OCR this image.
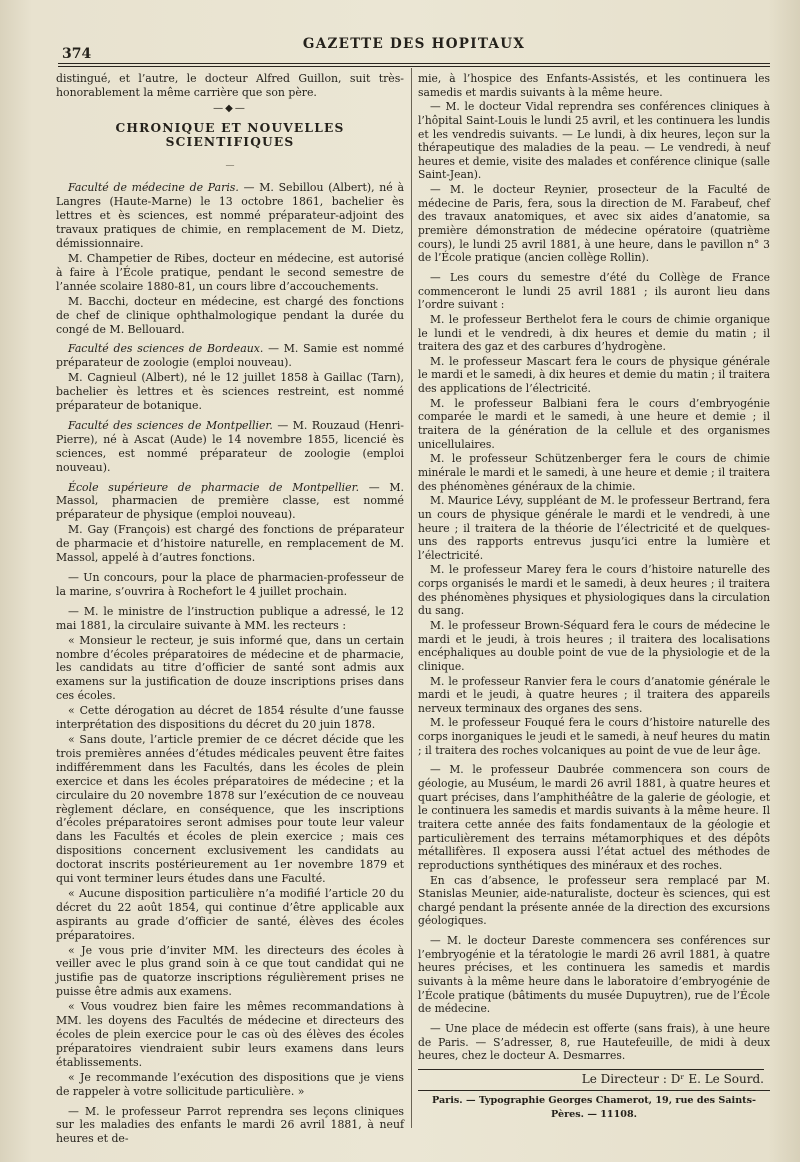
374
GAZETTE DES HOPITAUX

distingué, et l’autre, le docteur Alfred Guillon, suit très-honorablement la même carrière que son père.

—◆—
CHRONIQUE ET NOUVELLES SCIENTIFIQUES
—

Faculté de médecine de Paris. — M. Sebillou (Albert), né à Langres (Haute-Marne) le 13 octobre 1861, bachelier ès lettres et ès sciences, est nommé préparateur-adjoint des travaux pratiques de chimie, en remplacement de M. Dietz, démissionnaire.

M. Champetier de Ribes, docteur en médecine, est autorisé à faire à l’École pratique, pendant le second semestre de l’année scolaire 1880-81, un cours libre d’accouchements.

M. Bacchi, docteur en médecine, est chargé des fonctions de chef de clinique ophthalmologique pendant la durée du congé de M. Bellouard.

Faculté des sciences de Bordeaux. — M. Samie est nommé préparateur de zoologie (emploi nouveau).

M. Cagnieul (Albert), né le 12 juillet 1858 à Gaillac (Tarn), bachelier ès lettres et ès sciences restreint, est nommé préparateur de botanique.

Faculté des sciences de Montpellier. — M. Rouzaud (Henri-Pierre), né à Ascat (Aude) le 14 novembre 1855, licencié ès sciences, est nommé préparateur de zoologie (emploi nouveau).

École supérieure de pharmacie de Montpellier. — M. Massol, pharmacien de première classe, est nommé préparateur de physique (emploi nouveau).

M. Gay (François) est chargé des fonctions de préparateur de pharmacie et d’histoire naturelle, en remplacement de M. Massol, appelé à d’autres fonctions.

— Un concours, pour la place de pharmacien-professeur de la marine, s’ouvrira à Rochefort le 4 juillet prochain.

— M. le ministre de l’instruction publique a adressé, le 12 mai 1881, la circulaire suivante à MM. les recteurs :

« Monsieur le recteur, je suis informé que, dans un certain nombre d’écoles préparatoires de médecine et de pharmacie, les candidats au titre d’officier de santé sont admis aux examens sur la justification de douze inscriptions prises dans ces écoles.

« Cette dérogation au décret de 1854 résulte d’une fausse interprétation des dispositions du décret du 20 juin 1878.

« Sans doute, l’article premier de ce décret décide que les trois premières années d’études médicales peuvent être faites indifféremment dans les Facultés, dans les écoles de plein exercice et dans les écoles préparatoires de médecine ; et la circulaire du 20 novembre 1878 sur l’exécution de ce nouveau règlement déclare, en conséquence, que les inscriptions d’écoles préparatoires seront admises pour toute leur valeur dans les Facultés et écoles de plein exercice ; mais ces dispositions concernent exclusivement les candidats au doctorat inscrits postérieurement au 1er novembre 1879 et qui vont terminer leurs études dans une Faculté.

« Aucune disposition particulière n’a modifié l’article 20 du décret du 22 août 1854, qui continue d’être applicable aux aspirants au grade d’officier de santé, élèves des écoles préparatoires.

« Je vous prie d’inviter MM. les directeurs des écoles à veiller avec le plus grand soin à ce que tout candidat qui ne justifie pas de quatorze inscriptions régulièrement prises ne puisse être admis aux examens.

« Vous voudrez bien faire les mêmes recommandations à MM. les doyens des Facultés de médecine et directeurs des écoles de plein exercice pour le cas où des élèves des écoles préparatoires viendraient subir leurs examens dans leurs établissements.

« Je recommande l’exécution des dispositions que je viens de rappeler à votre sollicitude particulière. »

— M. le professeur Parrot reprendra ses leçons cliniques sur les maladies des enfants le mardi 26 avril 1881, à neuf heures et de-

mie, à l’hospice des Enfants-Assistés, et les continuera les samedis et mardis suivants à la même heure.

— M. le docteur Vidal reprendra ses conférences cliniques à l’hôpital Saint-Louis le lundi 25 avril, et les continuera les lundis et les vendredis suivants. — Le lundi, à dix heures, leçon sur la thérapeutique des maladies de la peau. — Le vendredi, à neuf heures et demie, visite des malades et conférence clinique (salle Saint-Jean).

— M. le docteur Reynier, prosecteur de la Faculté de médecine de Paris, fera, sous la direction de M. Farabeuf, chef des travaux anatomiques, et avec six aides d’anatomie, sa première démonstration de médecine opératoire (quatrième cours), le lundi 25 avril 1881, à une heure, dans le pavillon n° 3 de l’École pratique (ancien collège Rollin).

— Les cours du semestre d’été du Collège de France commenceront le lundi 25 avril 1881 ; ils auront lieu dans l’ordre suivant :

M. le professeur Berthelot fera le cours de chimie organique le lundi et le vendredi, à dix heures et demie du matin ; il traitera des gaz et des carbures d’hydrogène.

M. le professeur Mascart fera le cours de physique générale le mardi et le samedi, à dix heures et demie du matin ; il traitera des applications de l’électricité.

M. le professeur Balbiani fera le cours d’embryogénie comparée le mardi et le samedi, à une heure et demie ; il traitera de la génération de la cellule et des organismes unicellulaires.

M. le professeur Schützenberger fera le cours de chimie minérale le mardi et le samedi, à une heure et demie ; il traitera des phénomènes généraux de la chimie.

M. Maurice Lévy, suppléant de M. le professeur Bertrand, fera un cours de physique générale le mardi et le vendredi, à une heure ; il traitera de la théorie de l’électricité et de quelques-uns des rapports entrevus jusqu’ici entre la lumière et l’électricité.

M. le professeur Marey fera le cours d’histoire naturelle des corps organisés le mardi et le samedi, à deux heures ; il traitera des phénomènes physiques et physiologiques dans la circulation du sang.

M. le professeur Brown-Séquard fera le cours de médecine le mardi et le jeudi, à trois heures ; il traitera des localisations encéphaliques au double point de vue de la physiologie et de la clinique.

M. le professeur Ranvier fera le cours d’anatomie générale le mardi et le jeudi, à quatre heures ; il traitera des appareils nerveux terminaux des organes des sens.

M. le professeur Fouqué fera le cours d’histoire naturelle des corps inorganiques le jeudi et le samedi, à neuf heures du matin ; il traitera des roches volcaniques au point de vue de leur âge.

— M. le professeur Daubrée commencera son cours de géologie, au Muséum, le mardi 26 avril 1881, à quatre heures et quart précises, dans l’amphithéâtre de la galerie de géologie, et le continuera les samedis et mardis suivants à la même heure. Il traitera cette année des faits fondamentaux de la géologie et particulièrement des terrains métamorphiques et des dépôts métallifères. Il exposera aussi l’état actuel des méthodes de reproductions synthétiques des minéraux et des roches.

En cas d’absence, le professeur sera remplacé par M. Stanislas Meunier, aide-naturaliste, docteur ès sciences, qui est chargé pendant la présente année de la direction des excursions géologiques.

— M. le docteur Dareste commencera ses conférences sur l’embryogénie et la tératologie le mardi 26 avril 1881, à quatre heures précises, et les continuera les samedis et mardis suivants à la même heure dans le laboratoire d’embryogénie de l’École pratique (bâtiments du musée Dupuytren), rue de l’École de médecine.

— Une place de médecin est offerte (sans frais), à une heure de Paris. — S’adresser, 8, rue Hautefeuille, de midi à deux heures, chez le docteur A. Desmarres.

Le Directeur : Dʳ E. Le Sourd.
Paris. — Typographie Georges Chamerot, 19, rue des Saints-Pères. — 11108.
